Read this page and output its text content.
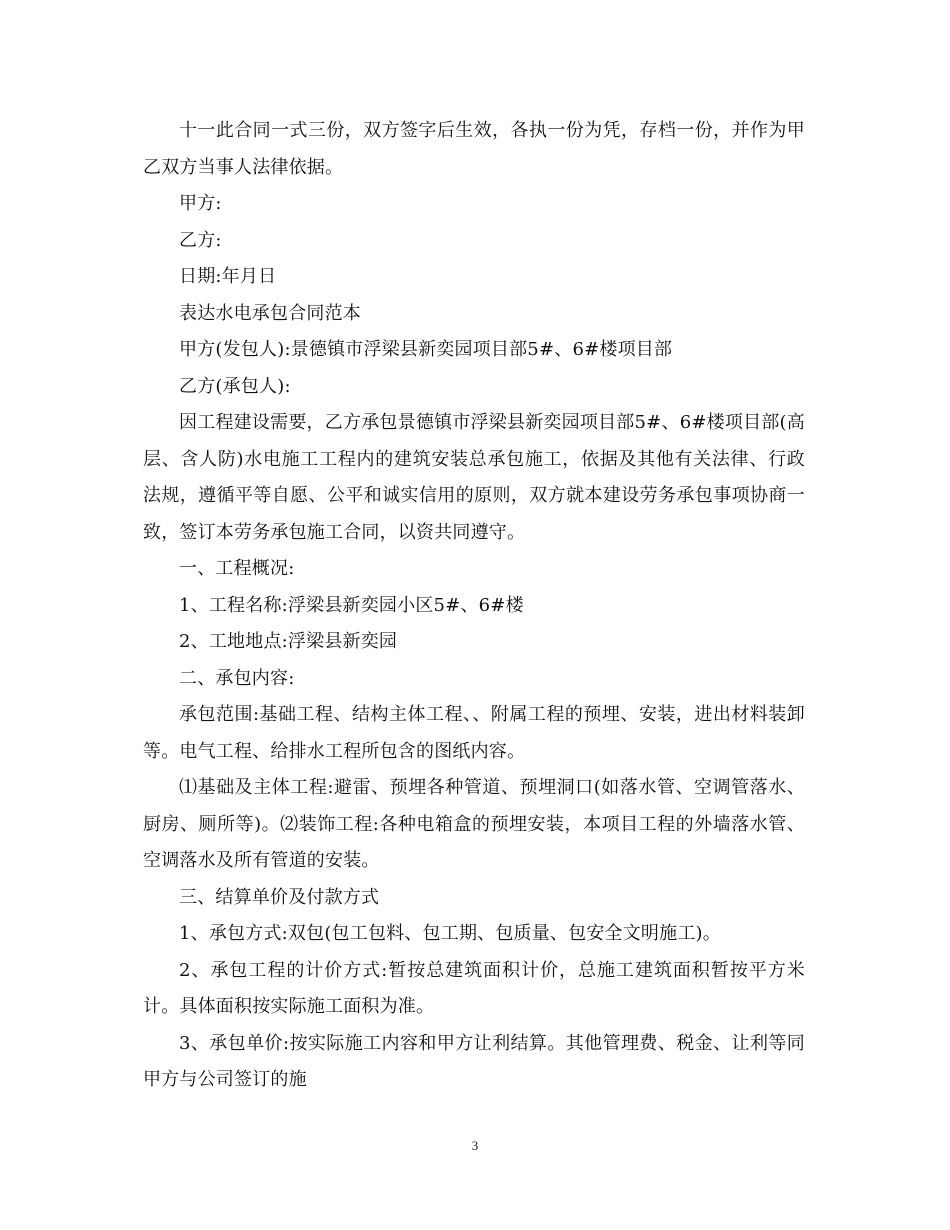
十一此合同一式三份，双方签字后生效，各执一份为凭，存档一份，并作为甲乙双方当事人法律依据。

甲方:

乙方:

日期:年月日

表达水电承包合同范本

甲方(发包人):景德镇市浮梁县新奕园项目部5#、6#楼项目部

乙方(承包人):

因工程建设需要，乙方承包景德镇市浮梁县新奕园项目部5#、6#楼项目部(高层、含人防)水电施工工程内的建筑安装总承包施工，依据及其他有关法律、行政法规，遵循平等自愿、公平和诚实信用的原则，双方就本建设劳务承包事项协商一致，签订本劳务承包施工合同，以资共同遵守。

一、工程概况:

1、工程名称:浮梁县新奕园小区5#、6#楼

2、工地地点:浮梁县新奕园

二、承包内容:

承包范围:基础工程、结构主体工程、、附属工程的预埋、安装，进出材料装卸等。电气工程、给排水工程所包含的图纸内容。

⑴基础及主体工程:避雷、预埋各种管道、预埋洞口(如落水管、空调管落水、厨房、厕所等)。⑵装饰工程:各种电箱盒的预埋安装，本项目工程的外墙落水管、空调落水及所有管道的安装。

三、结算单价及付款方式

1、承包方式:双包(包工包料、包工期、包质量、包安全文明施工)。

2、承包工程的计价方式:暂按总建筑面积计价，总施工建筑面积暂按平方米计。具体面积按实际施工面积为准。

3、承包单价:按实际施工内容和甲方让利结算。其他管理费、税金、让利等同甲方与公司签订的施

3
